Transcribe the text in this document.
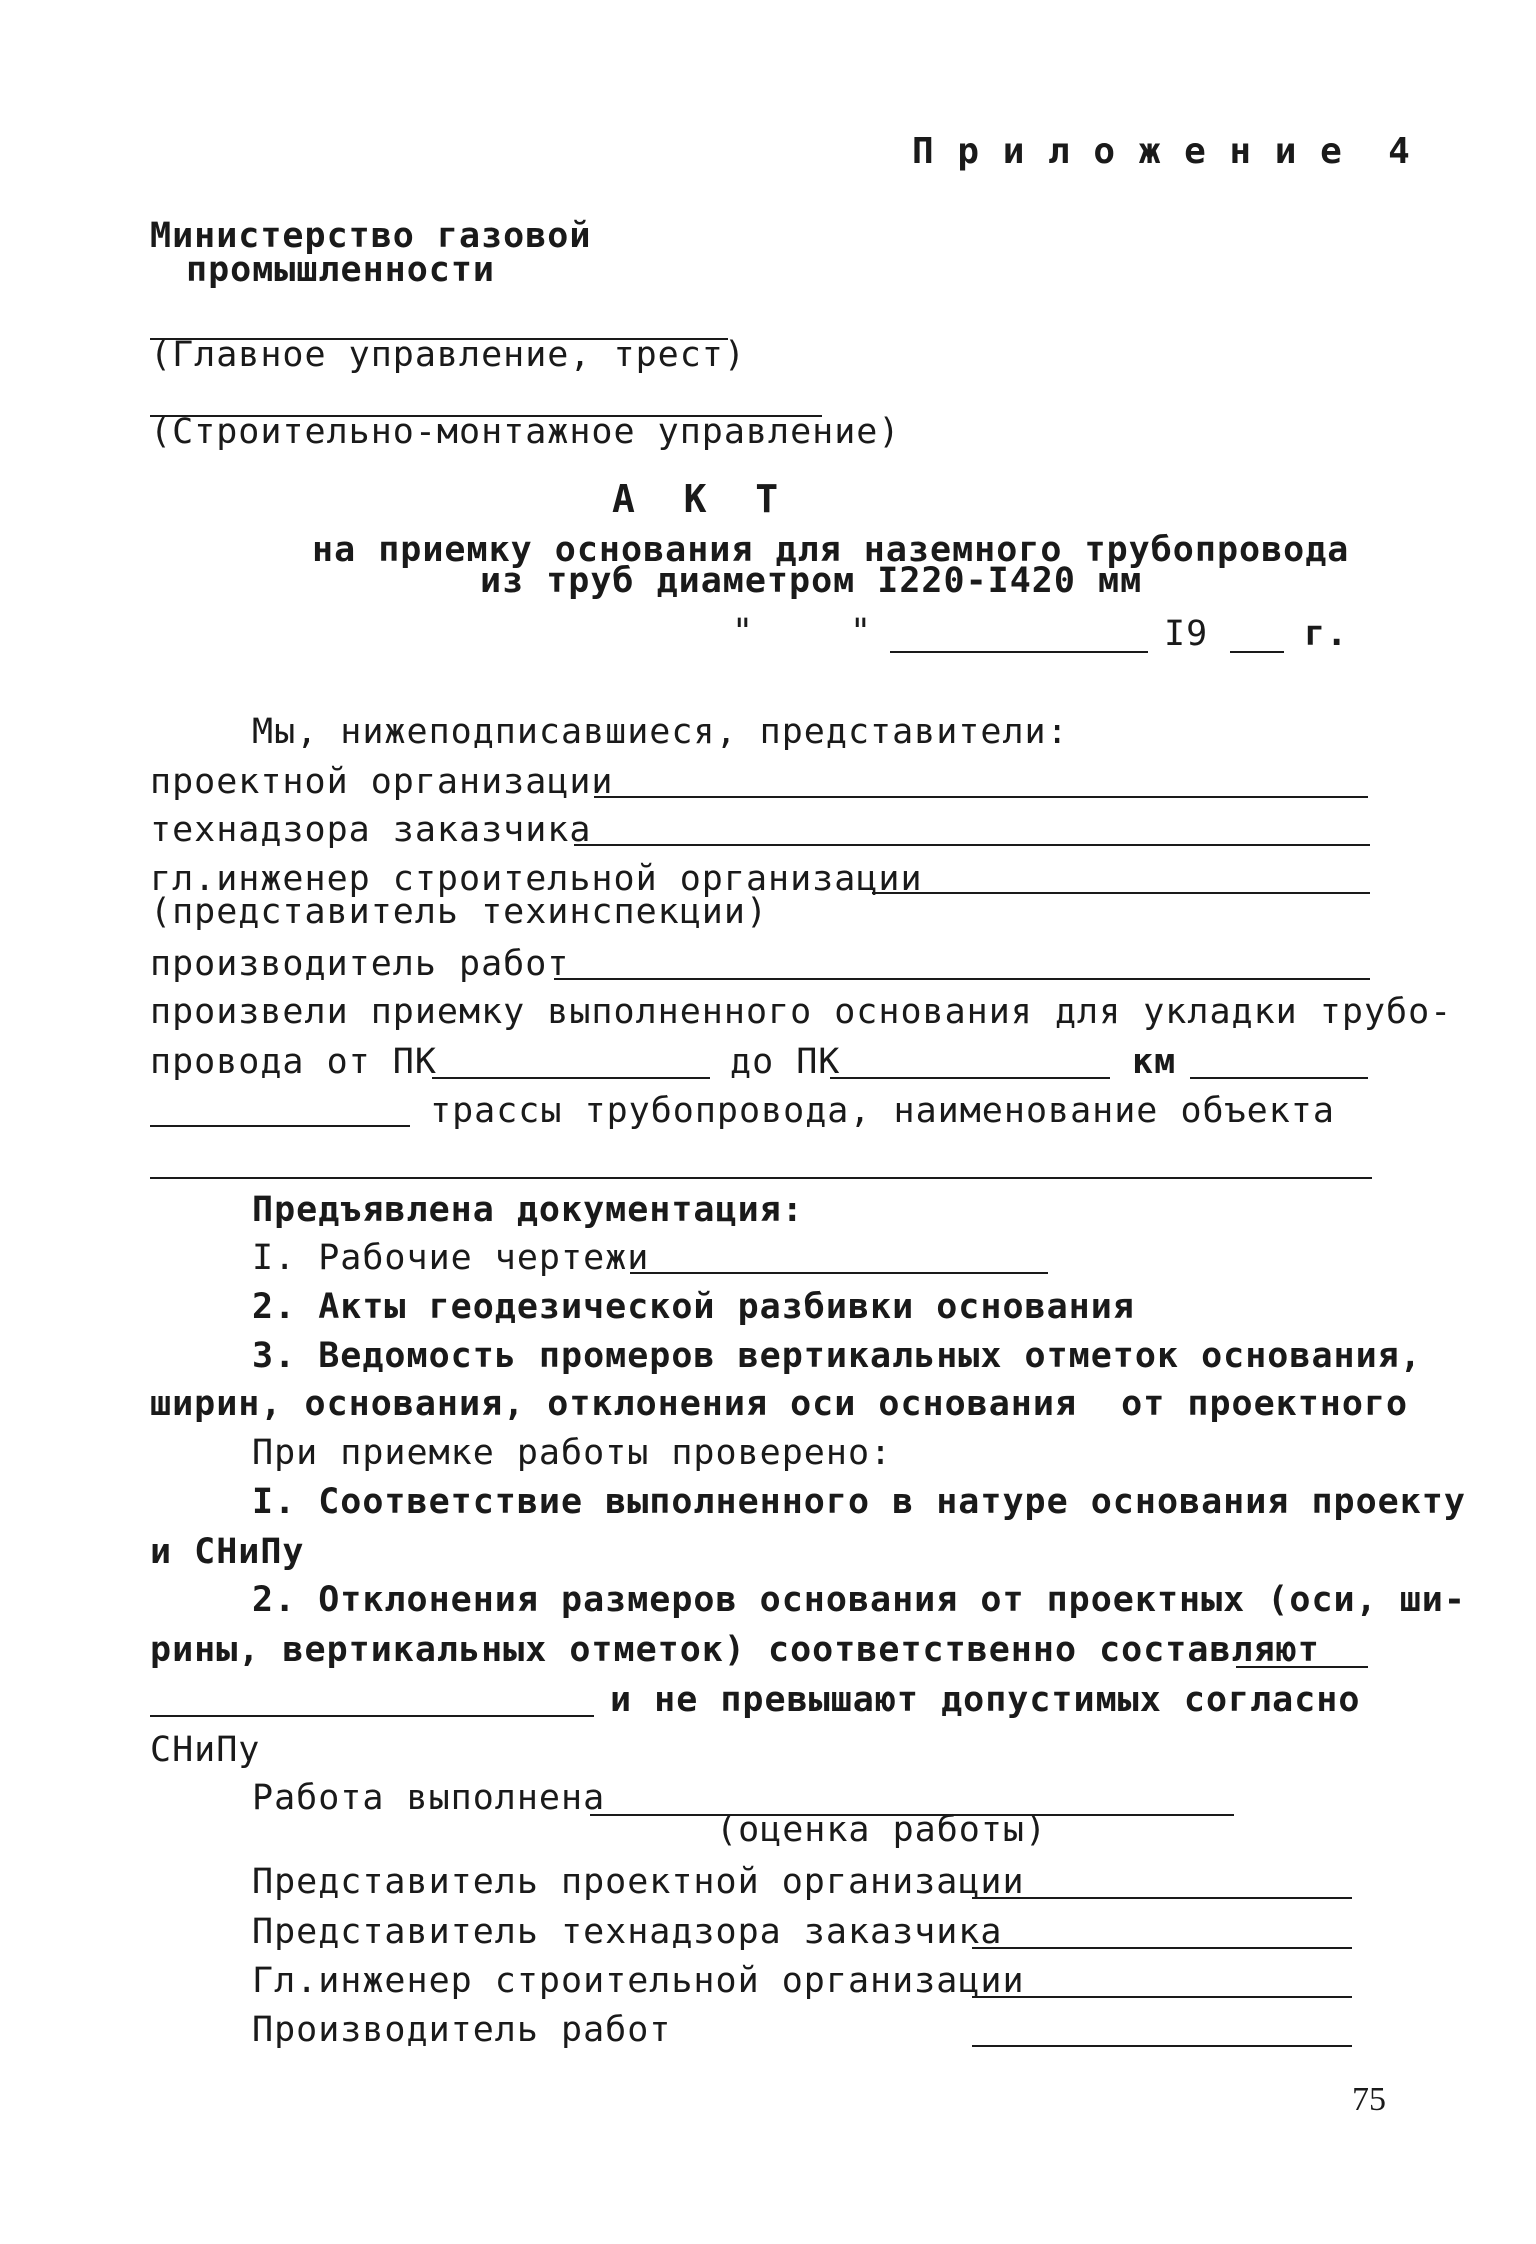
П р и л о ж е н и е  4
Министерство газовой
промышленности
(Главное управление, трест)
(Строительно-монтажное управление)
А  К  Т
на приемку основания для наземного трубопровода
из труб диаметром I220-I420 мм
"	"	I9	г.
Мы, нижеподписавшиеся, представители:
проектной организации
технадзора заказчика
гл.инженер строительной организации
(представитель техинспекции)
производитель работ
произвели приемку выполненного основания для укладки трубо-
провода от ПК	до ПК	км
трассы трубопровода, наименование объекта
Предъявлена документация:
I. Рабочие чертежи
2. Акты геодезической разбивки основания
3. Ведомость промеров вертикальных отметок основания,
ширин, основания, отклонения оси основания  от проектного
При приемке работы проверено:
I. Соответствие выполненного в натуре основания проекту
и СНиПу
2. Отклонения размеров основания от проектных (оси, ши-
рины, вертикальных отметок) соответственно составляют
и не превышают допустимых согласно
СНиПу
Работа выполнена
(оценка работы)
Представитель проектной организации
Представитель технадзора заказчика
Гл.инженер строительной организации
Производитель работ
75
